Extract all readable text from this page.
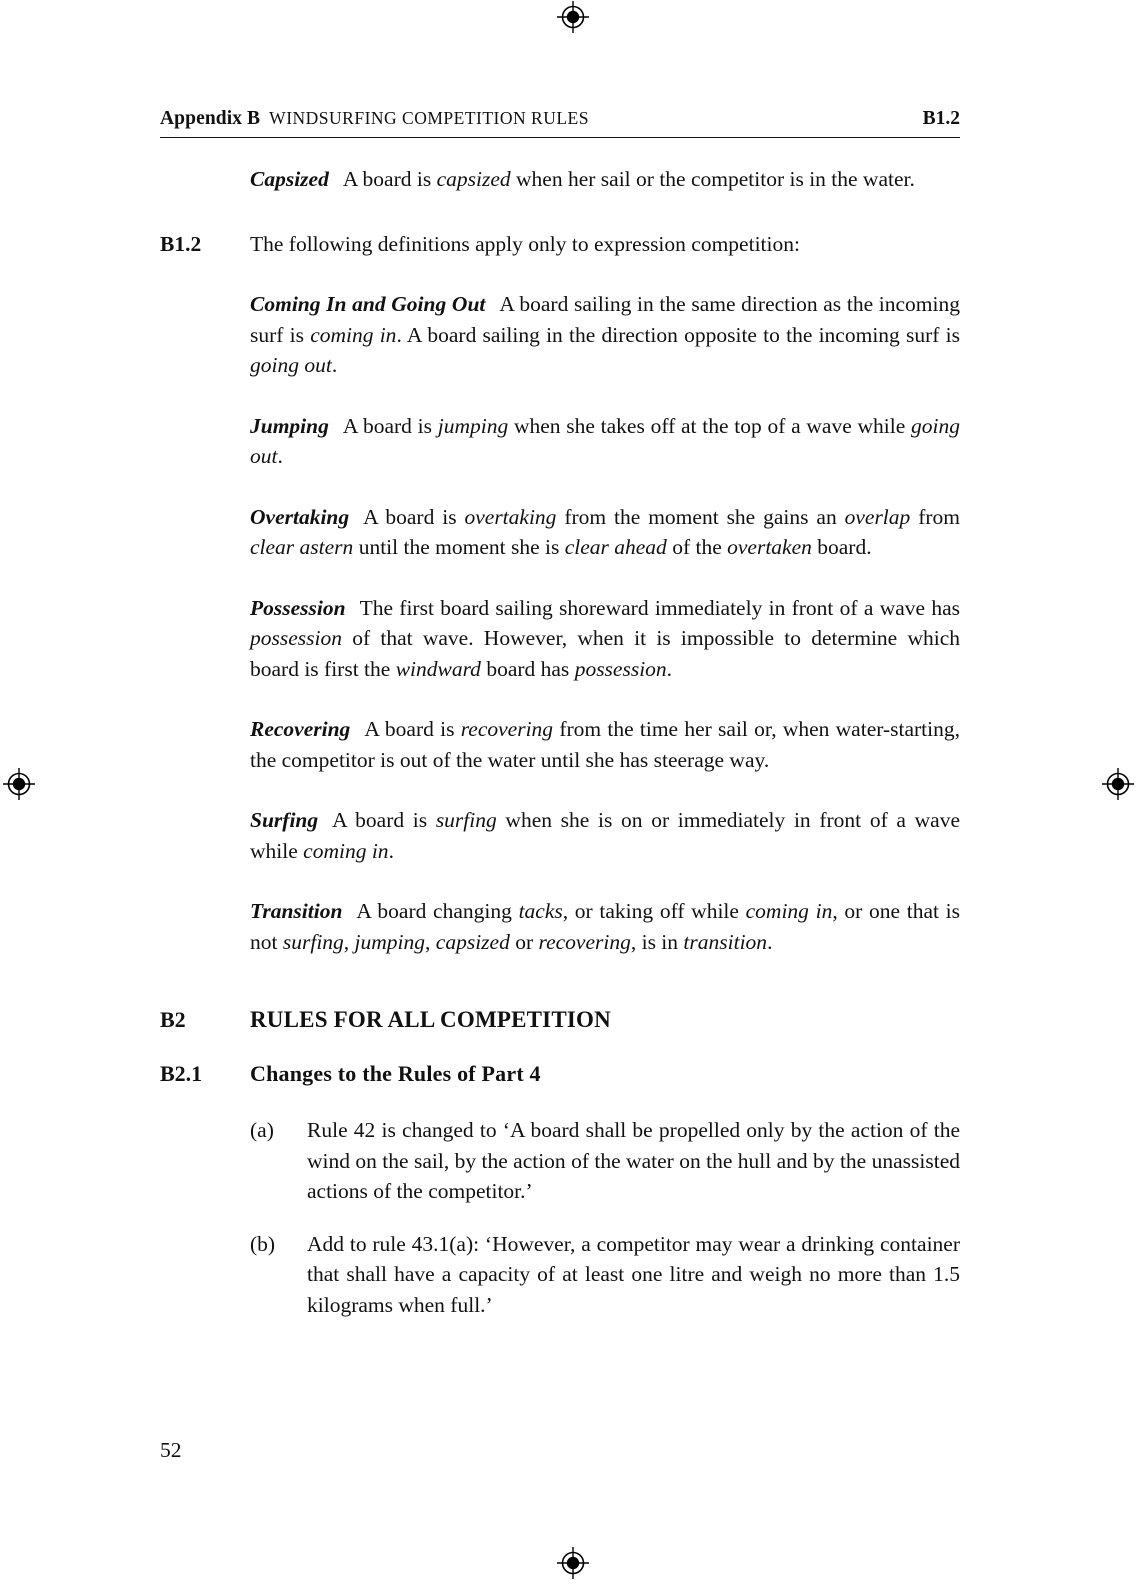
Appendix B WINDSURFING COMPETITION RULES	B1.2

Capsized A board is capsized when her sail or the competitor is in the water.

B1.2 The following definitions apply only to expression competition:

Coming In and Going Out A board sailing in the same direction as the incoming surf is coming in. A board sailing in the direction opposite to the incoming surf is going out.

Jumping A board is jumping when she takes off at the top of a wave while going out.

Overtaking A board is overtaking from the moment she gains an overlap from clear astern until the moment she is clear ahead of the overtaken board.

Possession The first board sailing shoreward immediately in front of a wave has possession of that wave. However, when it is impossible to determine which board is first the windward board has possession.

Recovering A board is recovering from the time her sail or, when water-starting, the competitor is out of the water until she has steerage way.

Surfing A board is surfing when she is on or immediately in front of a wave while coming in.

Transition A board changing tacks, or taking off while coming in, or one that is not surfing, jumping, capsized or recovering, is in transition.

B2	RULES FOR ALL COMPETITION
B2.1 Changes to the Rules of Part 4
(a) Rule 42 is changed to ‘A board shall be propelled only by the action of the wind on the sail, by the action of the water on the hull and by the unassisted actions of the competitor.’
(b) Add to rule 43.1(a): ‘However, a competitor may wear a drinking container that shall have a capacity of at least one litre and weigh no more than 1.5 kilograms when full.’
52
